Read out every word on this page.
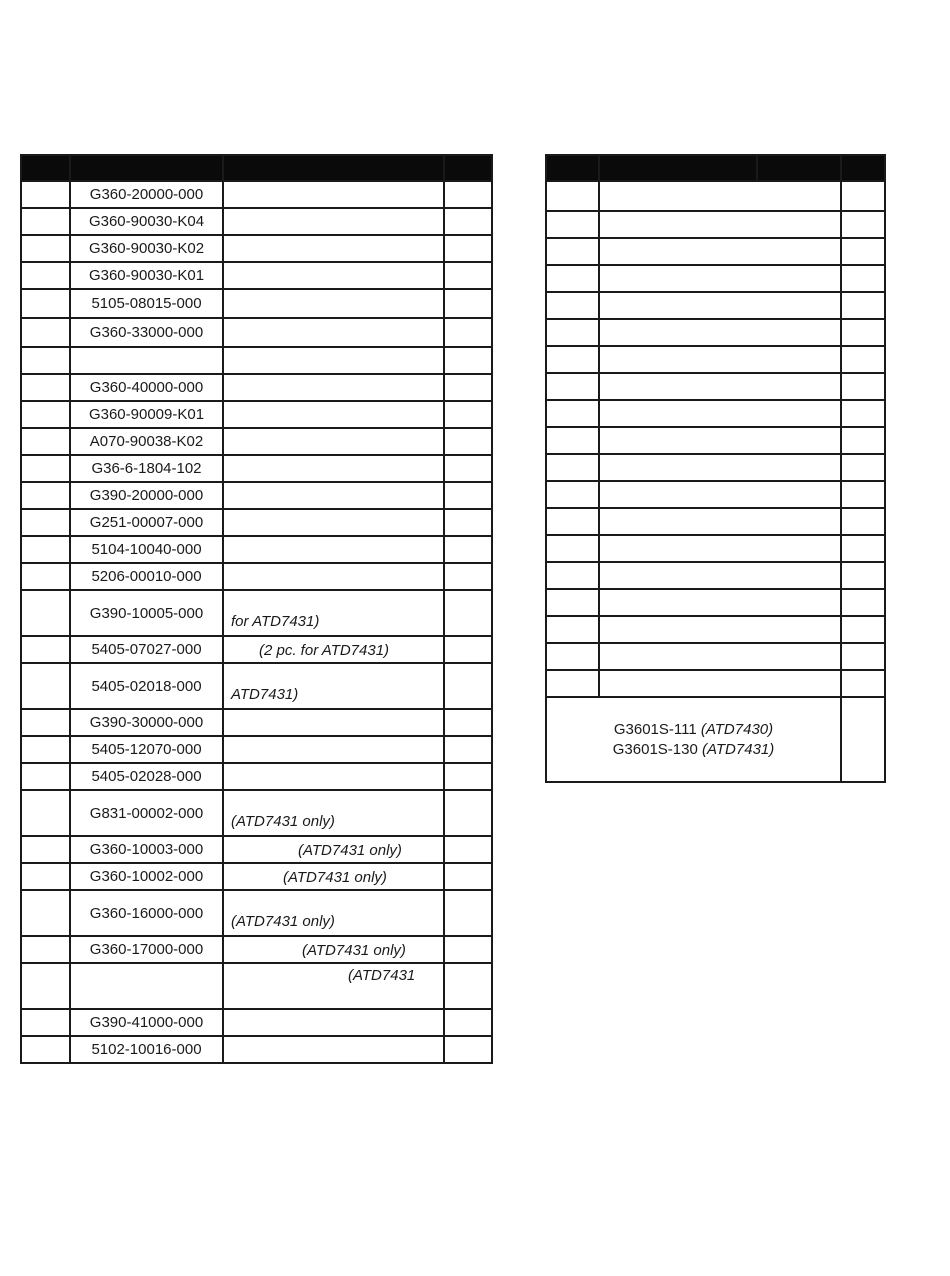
	G360-20000-000		
	G360-90030-K04		
	G360-90030-K02		
	G360-90030-K01		
	5105-08015-000		
	G360-33000-000		

	G360-40000-000		
	G360-90009-K01		
	A070-90038-K02		
	G36-6-1804-102		
	G390-20000-000		
	G251-00007-000		
	5104-10040-000		
	5206-00010-000		
	G390-10005-000	for ATD7431)	

	5405-07027-000	(2 pc. for ATD7431)	

	5405-02018-000	ATD7431)	

	G390-30000-000		
	5405-12070-000		
	5405-02028-000		
	G831-00002-000	(ATD7431 only)	

	G360-10003-000	(ATD7431 only)	

	G360-10002-000	(ATD7431 only)	

	G360-16000-000	(ATD7431 only)	

	G360-17000-000	(ATD7431 only)	

		(ATD7431	

	G390-41000-000		
	5102-10016-000		

G3601S-111 (ATD7430)
G3601S-130 (ATD7431)			
